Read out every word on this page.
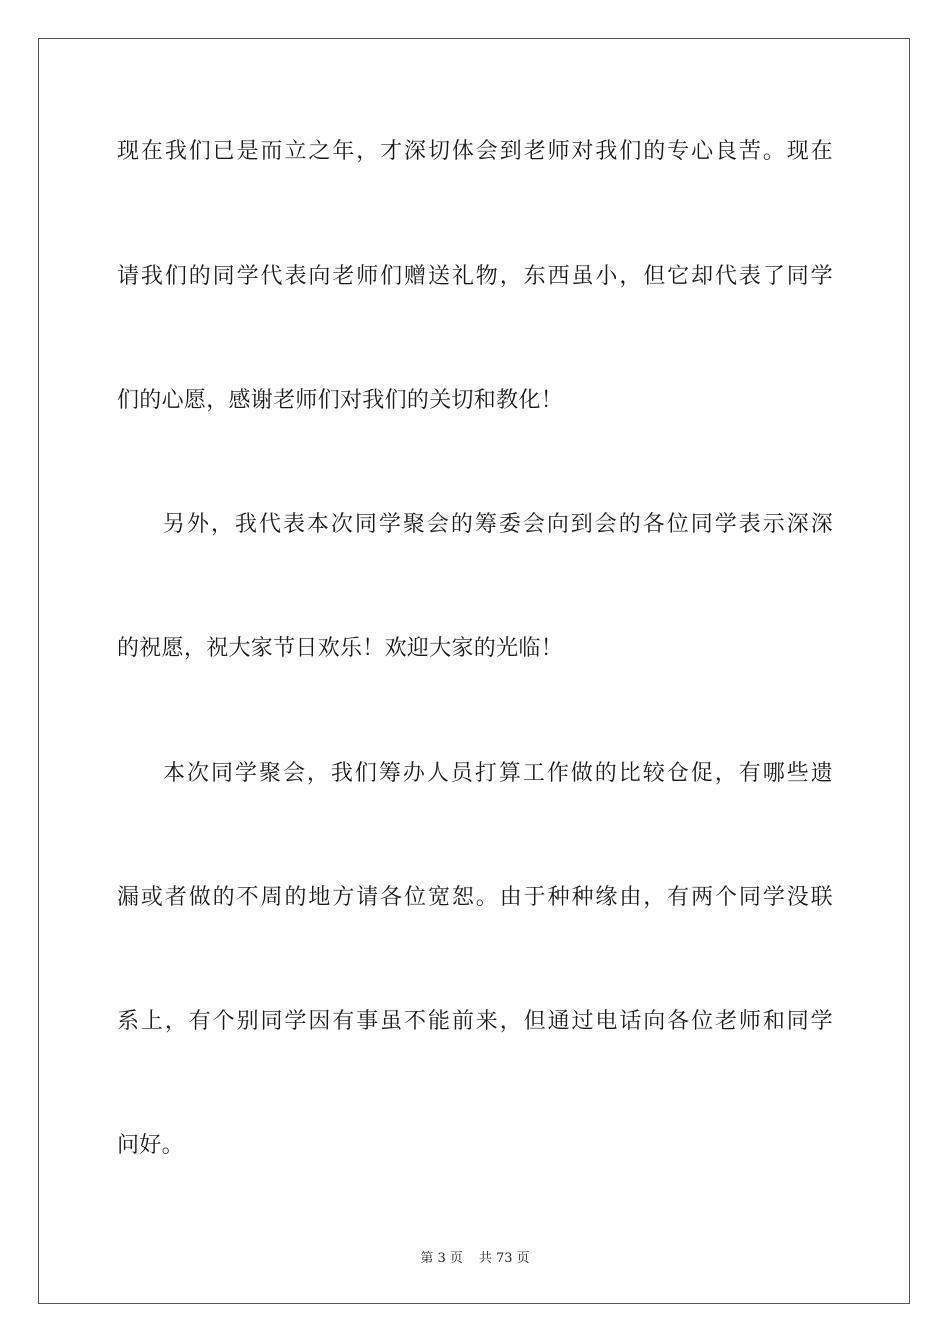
现在我们已是而立之年，才深切体会到老师对我们的专心良苦。现在
请我们的同学代表向老师们赠送礼物，东西虽小，但它却代表了同学
们的心愿，感谢老师们对我们的关切和教化！
另外，我代表本次同学聚会的筹委会向到会的各位同学表示深深
的祝愿，祝大家节日欢乐！欢迎大家的光临！
本次同学聚会，我们筹办人员打算工作做的比较仓促，有哪些遗
漏或者做的不周的地方请各位宽恕。由于种种缘由，有两个同学没联
系上，有个别同学因有事虽不能前来，但通过电话向各位老师和同学
问好。
第 3 页 共 73 页
